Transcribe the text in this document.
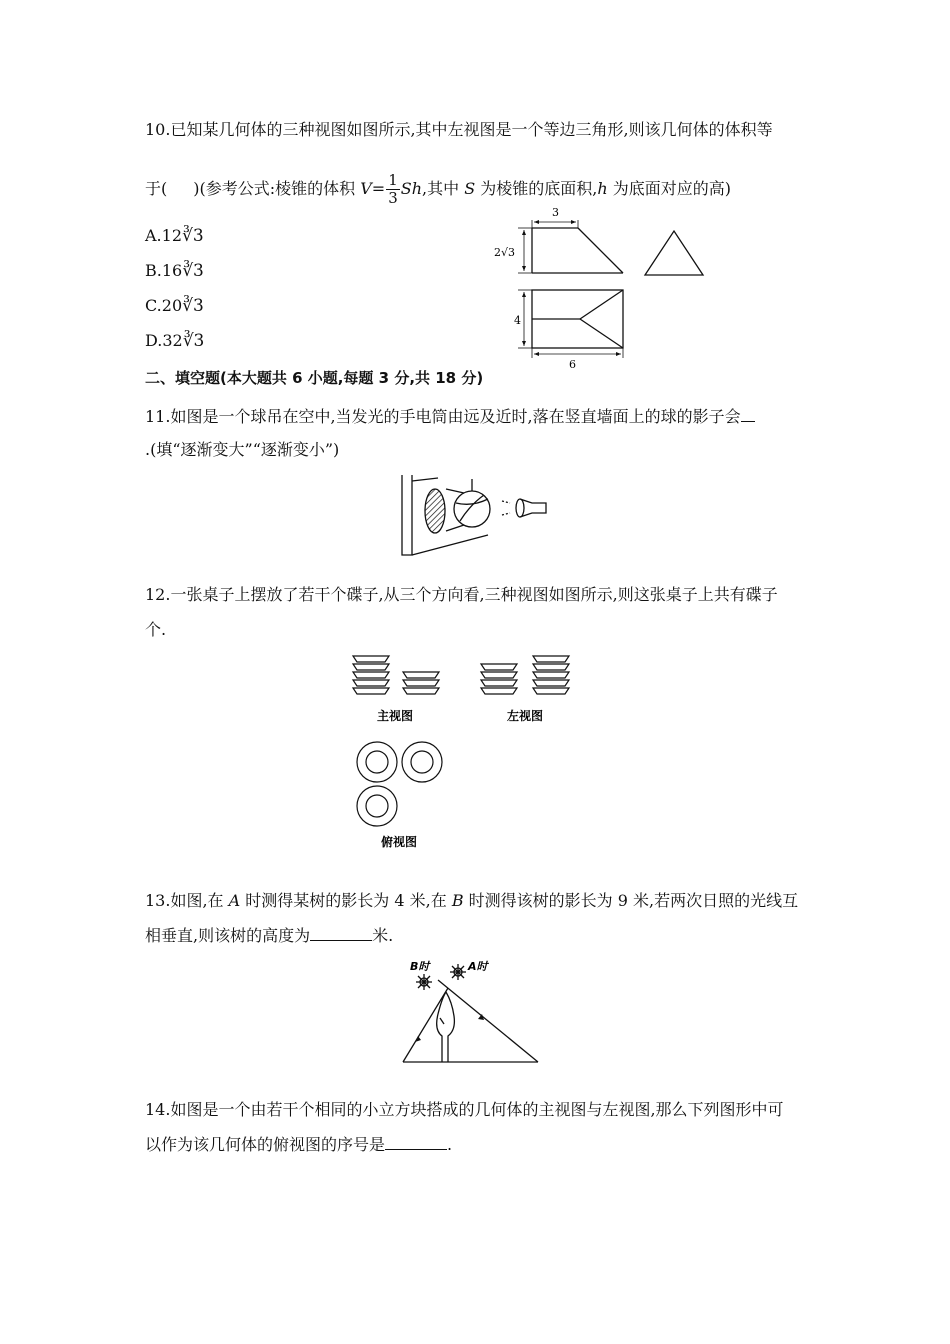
10.已知某几何体的三种视图如图所示,其中左视图是一个等边三角形,则该几何体的体积等
于( )(参考公式:棱锥的体积 $V= \frac{1}{3} Sh$,其中 S 为棱锥的底面积,h 为底面对应的高)
A.12∛3
B.16∛3
C.20∛3
D.32∛3
3
2√3
4
6
二、填空题(本大题共 6 小题,每题 3 分,共 18 分)
11.如图是一个球吊在空中,当发光的手电筒由远及近时,落在竖直墙面上的球的影子会
.(填“逐渐变大”“逐渐变小”)
12.一张桌子上摆放了若干个碟子,从三个方向看,三种视图如图所示,则这张桌子上共有碟子
个.
主视图	左视图
俯视图
13.如图,在 A 时测得某树的影长为 4 米,在 B 时测得该树的影长为 9 米,若两次日照的光线互
相垂直,则该树的高度为	米.
B时	A时
14.如图是一个由若干个相同的小立方块搭成的几何体的主视图与左视图,那么下列图形中可
以作为该几何体的俯视图的序号是	.
